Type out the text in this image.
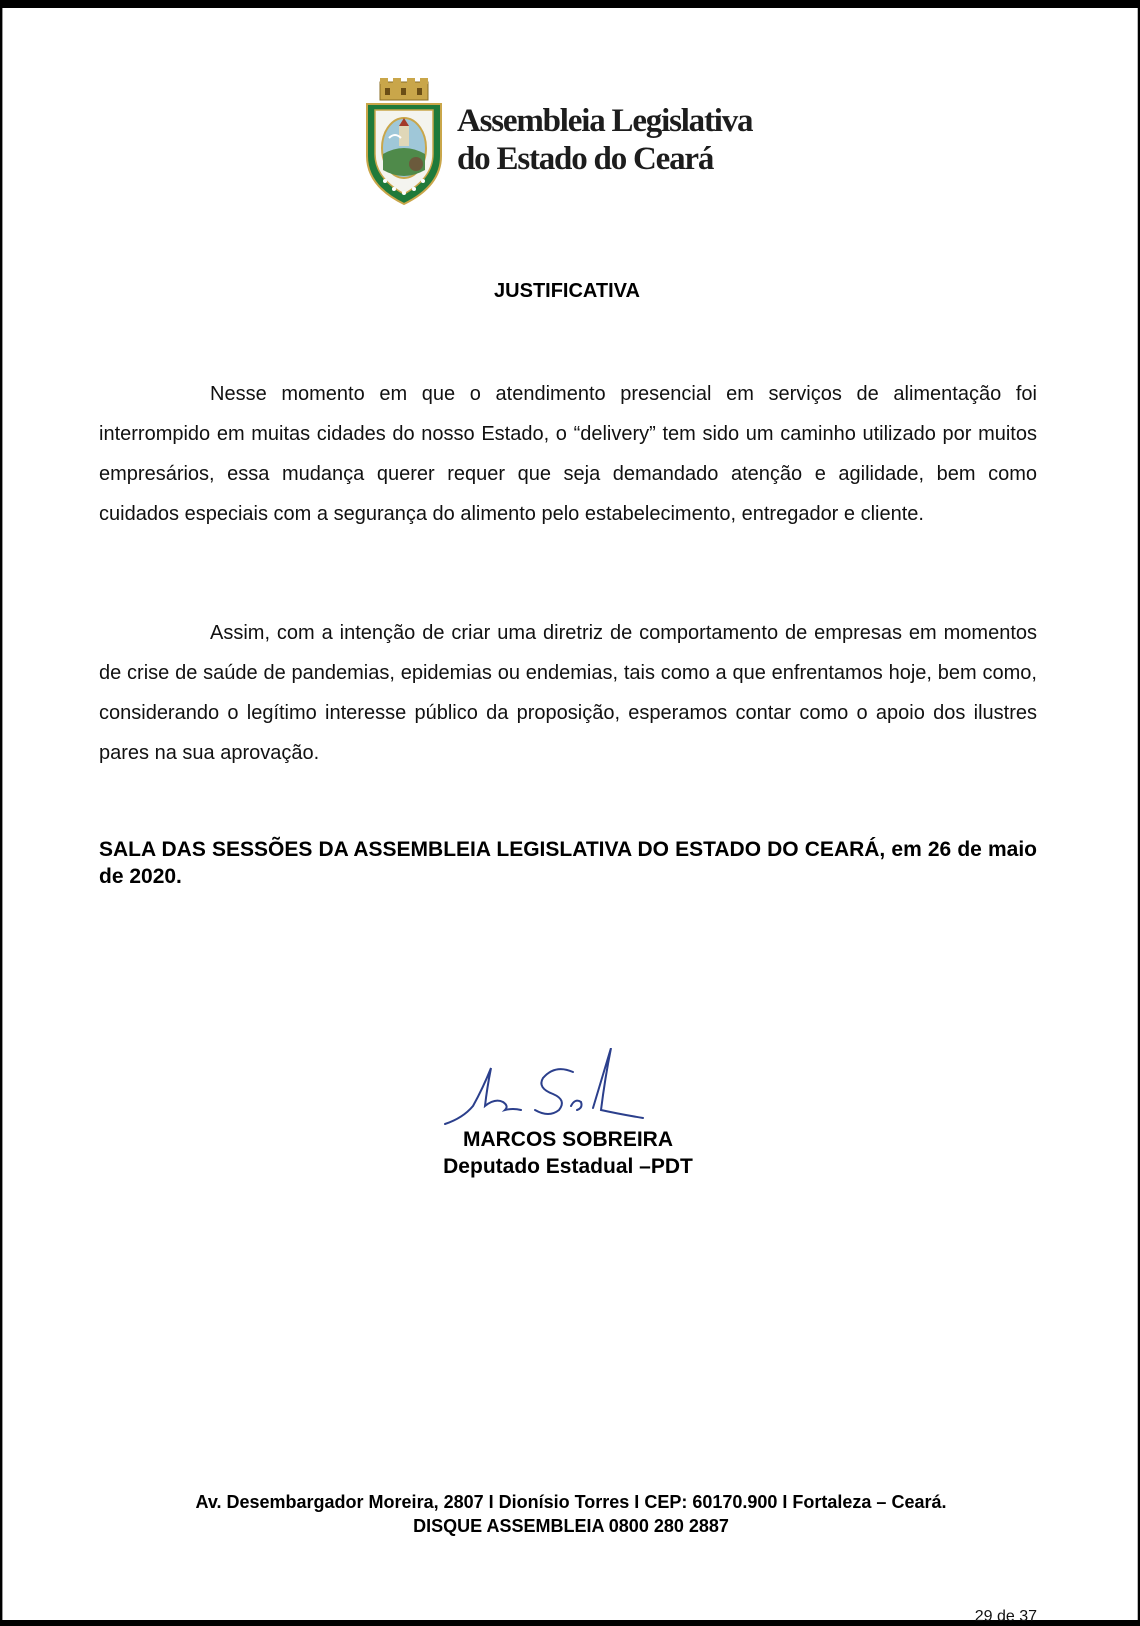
Assembleia Legislativa
do Estado do Ceará
JUSTIFICATIVA

Nesse momento em que o atendimento presencial em serviços de alimentação foi interrompido em muitas cidades do nosso Estado, o “delivery” tem sido um caminho utilizado por muitos empresários, essa mudança querer requer que seja demandado atenção e agilidade, bem como cuidados especiais com a segurança do alimento pelo estabelecimento, entregador e cliente.

Assim, com a intenção de criar uma diretriz de comportamento de empresas em momentos de crise de saúde de pandemias, epidemias ou endemias, tais como a que enfrentamos hoje, bem como, considerando o legítimo interesse público da proposição, esperamos contar como o apoio dos ilustres pares na sua aprovação.

SALA DAS SESSÕES DA ASSEMBLEIA LEGISLATIVA DO ESTADO DO CEARÁ, em 26 de maio de 2020.
MARCOS SOBREIRA
Deputado Estadual –PDT
Av. Desembargador Moreira, 2807 I Dionísio Torres I CEP: 60170.900 I Fortaleza – Ceará.
DISQUE ASSEMBLEIA 0800 280 2887
29 de 37
